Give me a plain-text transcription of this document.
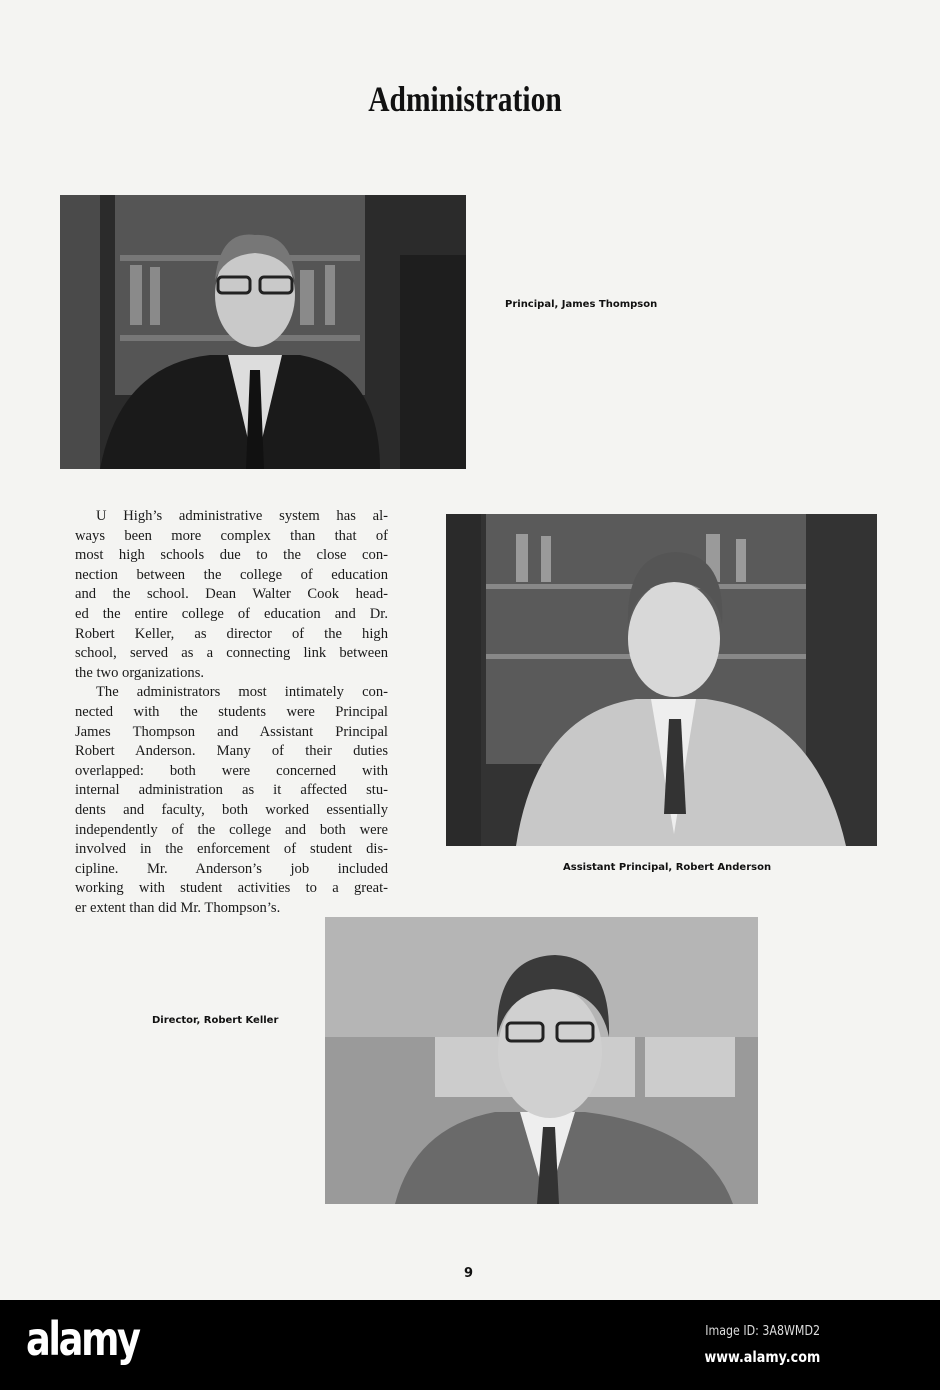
Administration
Principal, James Thompson
U High’s administrative system has al-
ways been more complex than that of
most high schools due to the close con-
nection between the college of education
and the school. Dean Walter Cook head-
ed the entire college of education and Dr.
Robert Keller, as director of the high
school, served as a connecting link between
the two organizations.
The administrators most intimately con-
nected with the students were Principal
James Thompson and Assistant Principal
Robert Anderson. Many of their duties
overlapped: both were concerned with
internal administration as it affected stu-
dents and faculty, both worked essentially
independently of the college and both were
involved in the enforcement of student dis-
cipline. Mr. Anderson’s job included
working with student activities to a great-
er extent than did Mr. Thompson’s.
Assistant Principal, Robert Anderson
Director, Robert Keller
9
alamy	Image ID: 3A8WMD2
www.alamy.com
